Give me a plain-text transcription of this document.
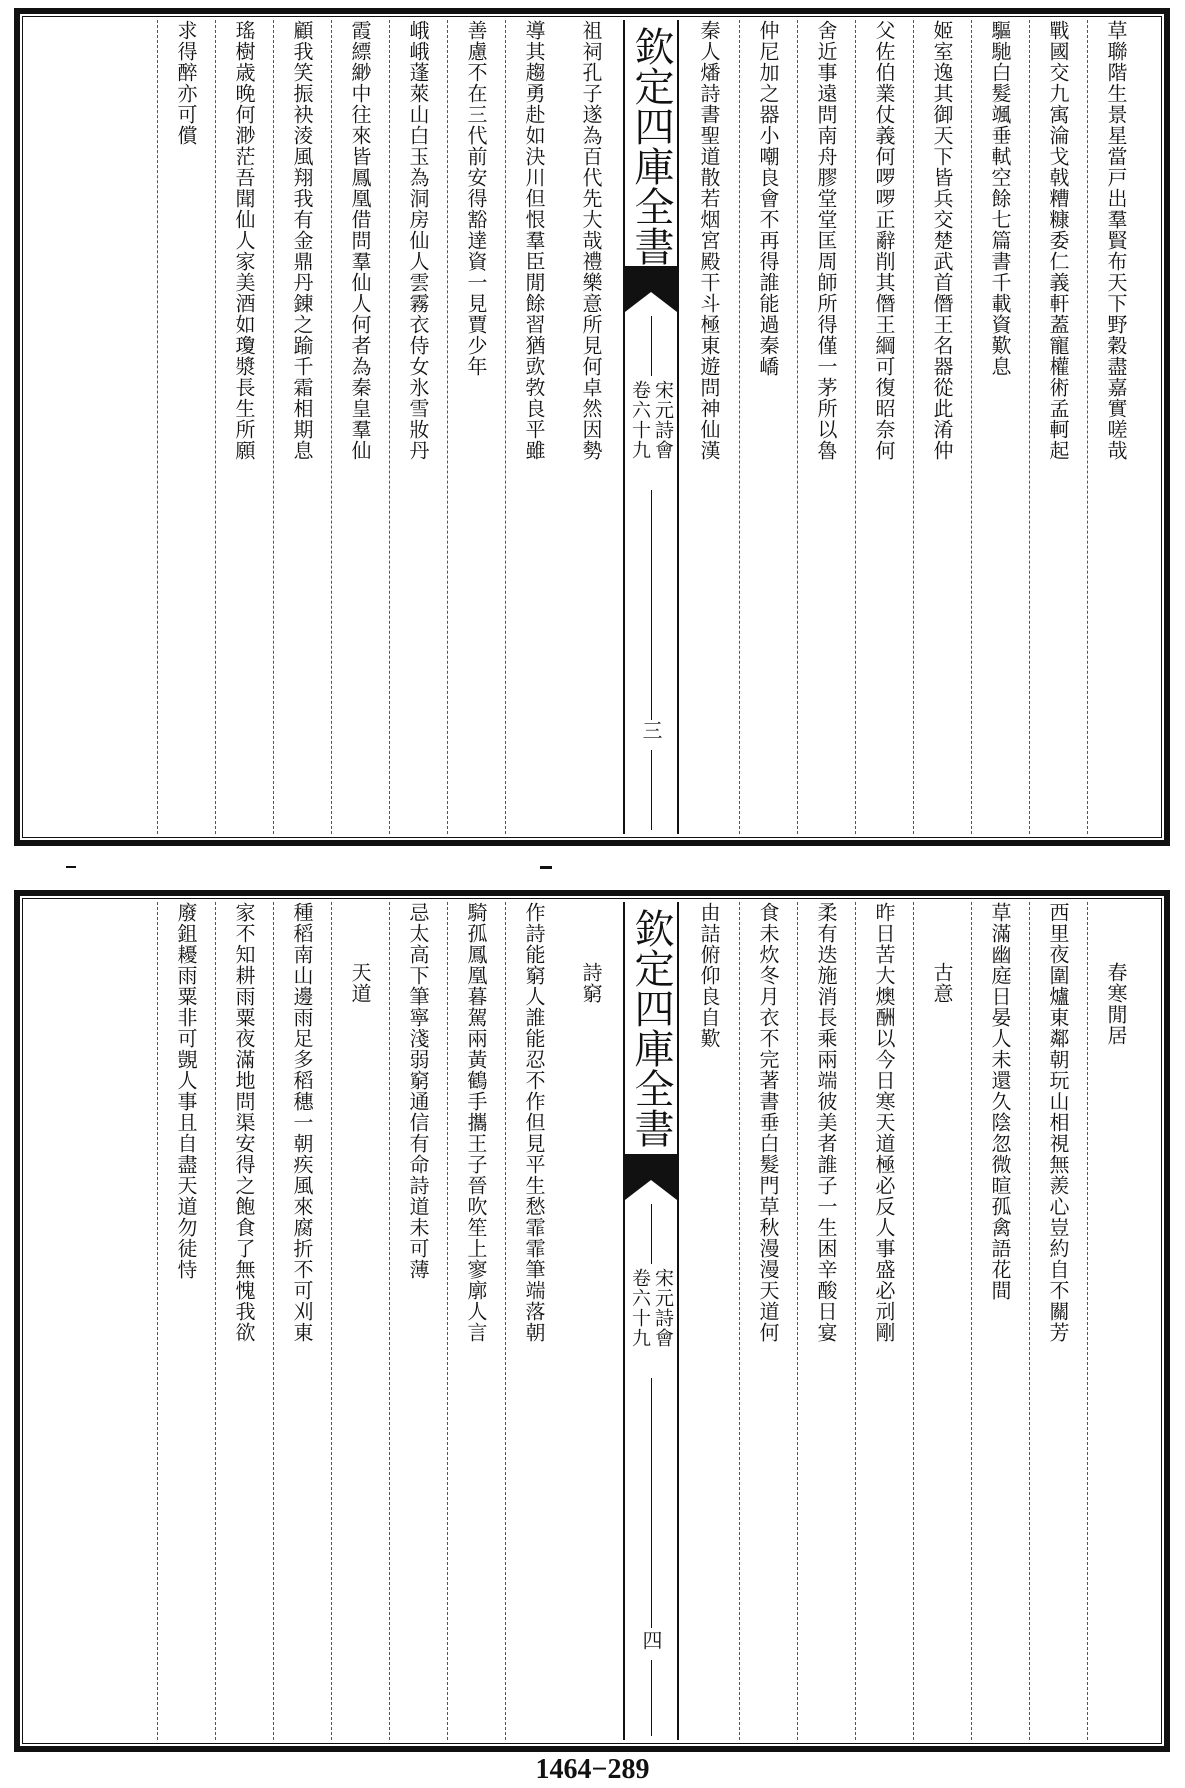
草聯階生景星當戸出羣賢布天下野穀盡嘉實嗟哉
戰國交九㝢淪戈戟糟糠委仁義軒蓋寵權術孟軻起
驅馳白髮颯垂軾空餘七篇書千載資歎息
姬室逸其御天下皆兵交楚武首僭王名器從此淆仲
父佐伯業仗義何啰啰正辭削其僭王綱可復昭奈何
舍近事遠問南舟膠堂堂匡周師所得僅一茅所以魯
仲尼加之器小嘲良會不再得誰能過秦嶠
秦人燔詩書聖道散若烟宮殿干斗極東遊問神仙漢
欽定四庫全書
卷六十九 宋元詩會
三
祖祠孔子遂為百代先大哉禮樂意所見何卓然因勢
導其趨勇赴如決川但恨羣臣閒餘習猶㰯㪍良平雖
善慮不在三代前安得豁達資一見賈少年
峨峨蓬萊山白玉為洞房仙人雲霧衣侍女氷雪妝丹
霞縹緲中往來皆鳳凰借問羣仙人何者為秦皇羣仙
顧我笑振袂淩風翔我有金鼎丹錬之踰千霜相期息
瑤樹歳晚何渺茫吾聞仙人家美酒如瓊漿長生所願
求得醉亦可償
春寒閒居
西里夜圍爐東鄰朝玩山相視無羨心豈約自不關芳
草滿幽庭日晏人未還久陰忽微暄孤禽語花間
古意
昨日苦大燠酬以今日寒天道極必反人事盛必刓剛
柔有迭施消長乘兩端彼美者誰子一生困辛酸日宴
食未炊冬月衣不完著書垂白髮門草秋漫漫天道何
由詰俯仰良自歎
欽定四庫全書
卷六十九 宋元詩會
四
詩窮
作詩能窮人誰能忍不作但見平生愁霏霏筆端落朝
騎孤鳳凰暮駕兩黃鶴手攜王子晉吹笙上寥廓人言
忌太高下筆寧淺弱窮通信有命詩道未可薄
天道
種稻南山邊雨足多稻穗一朝疾風來腐折不可刈東
家不知耕雨粟夜滿地問渠安得之飽食了無愧我欲
廢鉏耰雨粟非可覬人事且自盡天道勿徒恃
1464−289
